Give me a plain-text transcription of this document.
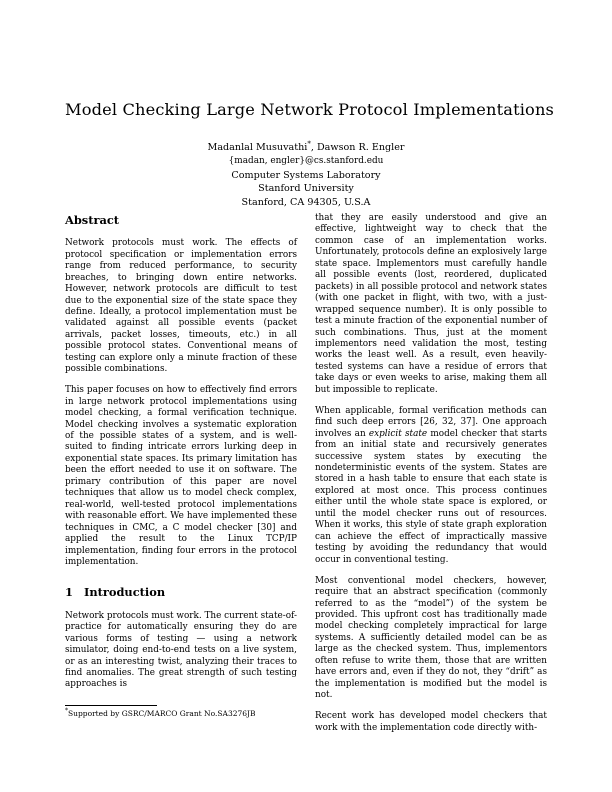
Model Checking Large Network Protocol Implementations

Madanlal Musuvathi*, Dawson R. Engler

{madan, engler}@cs.stanford.edu

Computer Systems Laboratory

Stanford University

Stanford, CA 94305, U.S.A

Abstract

Network protocols must work. The effects of protocol specification or implementation errors range from reduced performance, to security breaches, to bringing down entire networks. However, network protocols are difficult to test due to the exponential size of the state space they define. Ideally, a protocol implementation must be validated against all possible events (packet arrivals, packet losses, timeouts, etc.) in all possible protocol states. Conventional means of testing can explore only a minute fraction of these possible combinations.

This paper focuses on how to effectively find errors in large network protocol implementations using model checking, a formal verification technique. Model checking involves a systematic exploration of the possible states of a system, and is well-suited to finding intricate errors lurking deep in exponential state spaces. Its primary limitation has been the effort needed to use it on software. The primary contribution of this paper are novel techniques that allow us to model check complex, real-world, well-tested protocol implementations with reasonable effort. We have implemented these techniques in CMC, a C model checker [30] and applied the result to the Linux TCP/IP implementation, finding four errors in the protocol implementation.

1 Introduction

Network protocols must work. The current state-of-practice for automatically ensuring they do are various forms of testing — using a network simulator, doing end-to-end tests on a live system, or as an interesting twist, analyzing their traces to find anomalies. The great strength of such testing approaches is

that they are easily understood and give an effective, lightweight way to check that the common case of an implementation works. Unfortunately, protocols define an explosively large state space. Implementors must carefully handle all possible events (lost, reordered, duplicated packets) in all possible protocol and network states (with one packet in flight, with two, with a just-wrapped sequence number). It is only possible to test a minute fraction of the exponential number of such combinations. Thus, just at the moment implementors need validation the most, testing works the least well. As a result, even heavily-tested systems can have a residue of errors that take days or even weeks to arise, making them all but impossible to replicate.

When applicable, formal verification methods can find such deep errors [26, 32, 37]. One approach involves an explicit state model checker that starts from an initial state and recursively generates successive system states by executing the nondeterministic events of the system. States are stored in a hash table to ensure that each state is explored at most once. This process continues either until the whole state space is explored, or until the model checker runs out of resources. When it works, this style of state graph exploration can achieve the effect of impractically massive testing by avoiding the redundancy that would occur in conventional testing.

Most conventional model checkers, however, require that an abstract specification (commonly referred to as the “model”) of the system be provided. This upfront cost has traditionally made model checking completely impractical for large systems. A sufficiently detailed model can be as large as the checked system. Thus, implementors often refuse to write them, those that are written have errors and, even if they do not, they “drift” as the implementation is modified but the model is not.

Recent work has developed model checkers that work with the implementation code directly with-

*Supported by GSRC/MARCO Grant No.SA3276JB
